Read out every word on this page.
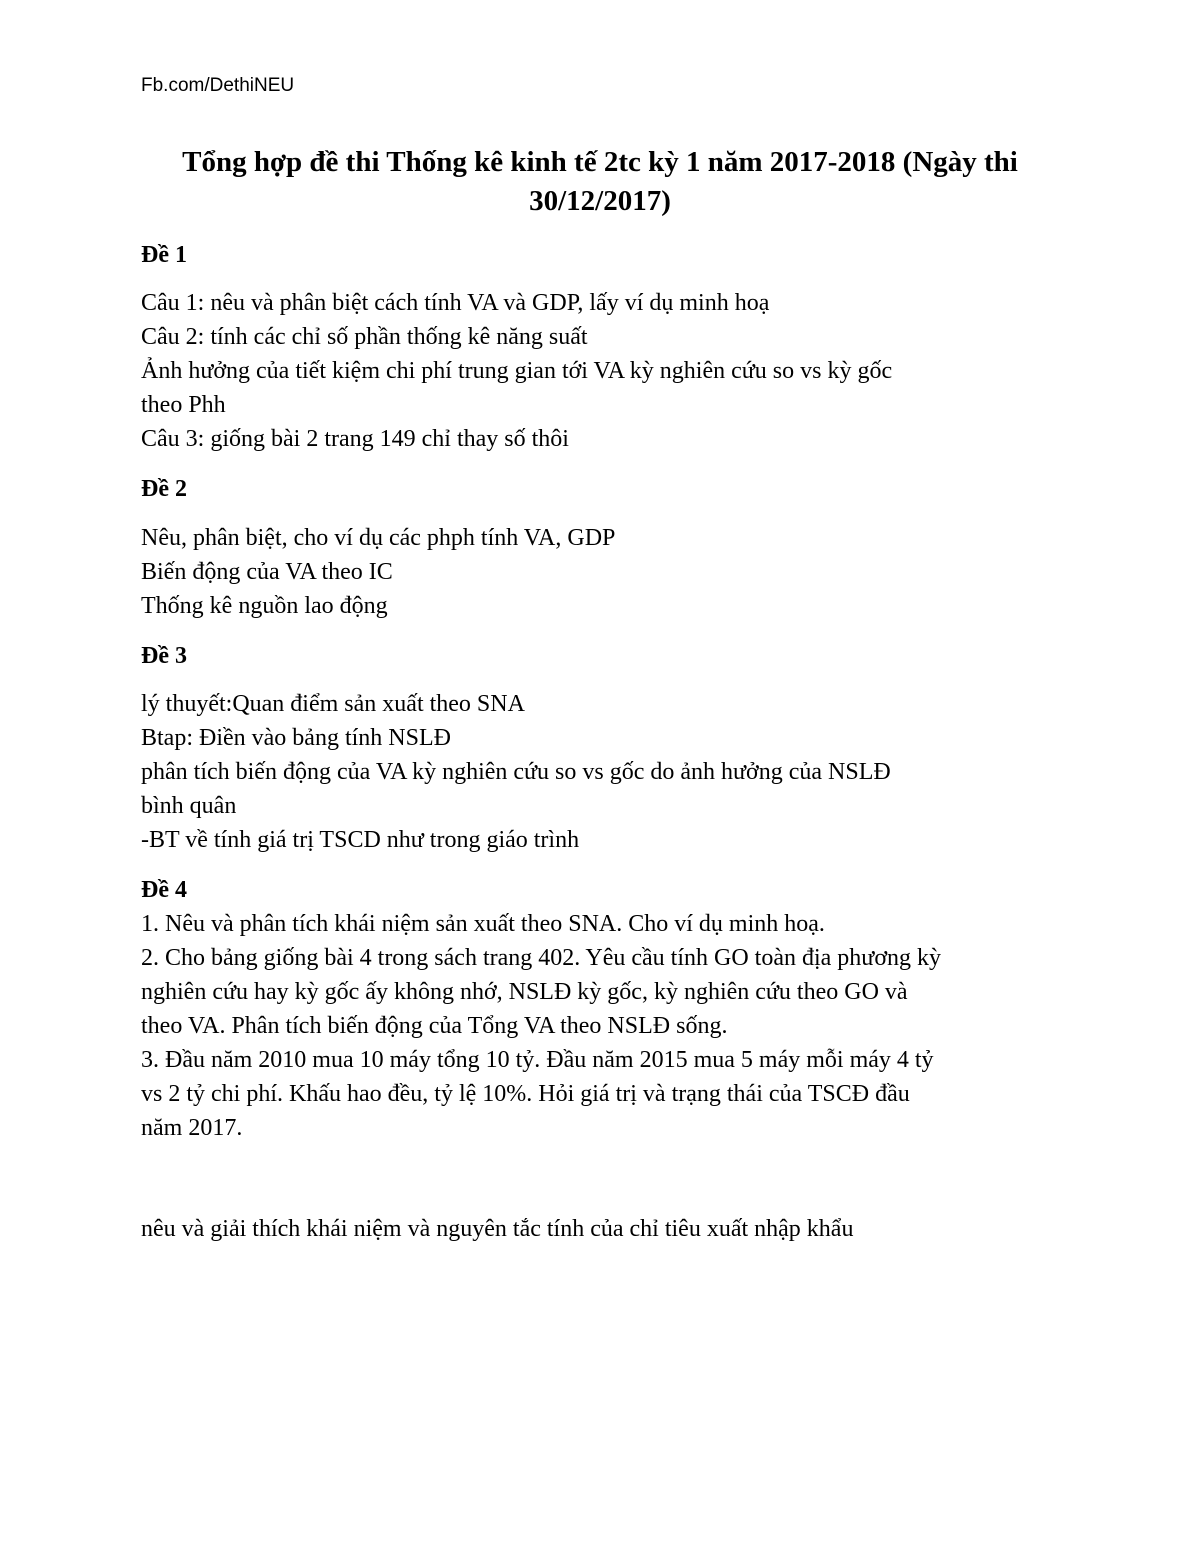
Fb.com/DethiNEU
Tổng hợp đề thi Thống kê kinh tế 2tc kỳ 1 năm 2017-2018 (Ngày thi
30/12/2017)

Đề 1

Câu 1: nêu và phân biệt cách tính VA và GDP, lấy ví dụ minh hoạ
Câu 2: tính các chỉ số phần thống kê năng suất
Ảnh hưởng của tiết kiệm chi phí trung gian tới VA kỳ nghiên cứu so vs kỳ gốc
theo Phh
Câu 3: giống bài 2 trang 149 chỉ thay số thôi

Đề 2

Nêu, phân biệt, cho ví dụ các phph tính VA, GDP
Biến động của VA theo IC
Thống kê nguồn lao động

Đề 3

lý thuyết:Quan điểm sản xuất theo SNA
Btap: Điền vào bảng tính NSLĐ
phân tích biến động của VA kỳ nghiên cứu so vs gốc do ảnh hưởng của NSLĐ
bình quân
-BT về tính giá trị TSCD như trong giáo trình

Đề 4

1. Nêu và phân tích khái niệm sản xuất theo SNA. Cho ví dụ minh hoạ.
2. Cho bảng giống bài 4 trong sách trang 402. Yêu cầu tính GO toàn địa phương kỳ
nghiên cứu hay kỳ gốc ấy không nhớ, NSLĐ kỳ gốc, kỳ nghiên cứu theo GO và
theo VA. Phân tích biến động của Tổng VA theo NSLĐ sống.
3. Đầu năm 2010 mua 10 máy tổng 10 tỷ. Đầu năm 2015 mua 5 máy mỗi máy 4 tỷ
vs 2 tỷ chi phí. Khấu hao đều, tỷ lệ 10%. Hỏi giá trị và trạng thái của TSCĐ đầu
năm 2017.
nêu và giải thích khái niệm và nguyên tắc tính của chỉ tiêu xuất nhập khẩu
